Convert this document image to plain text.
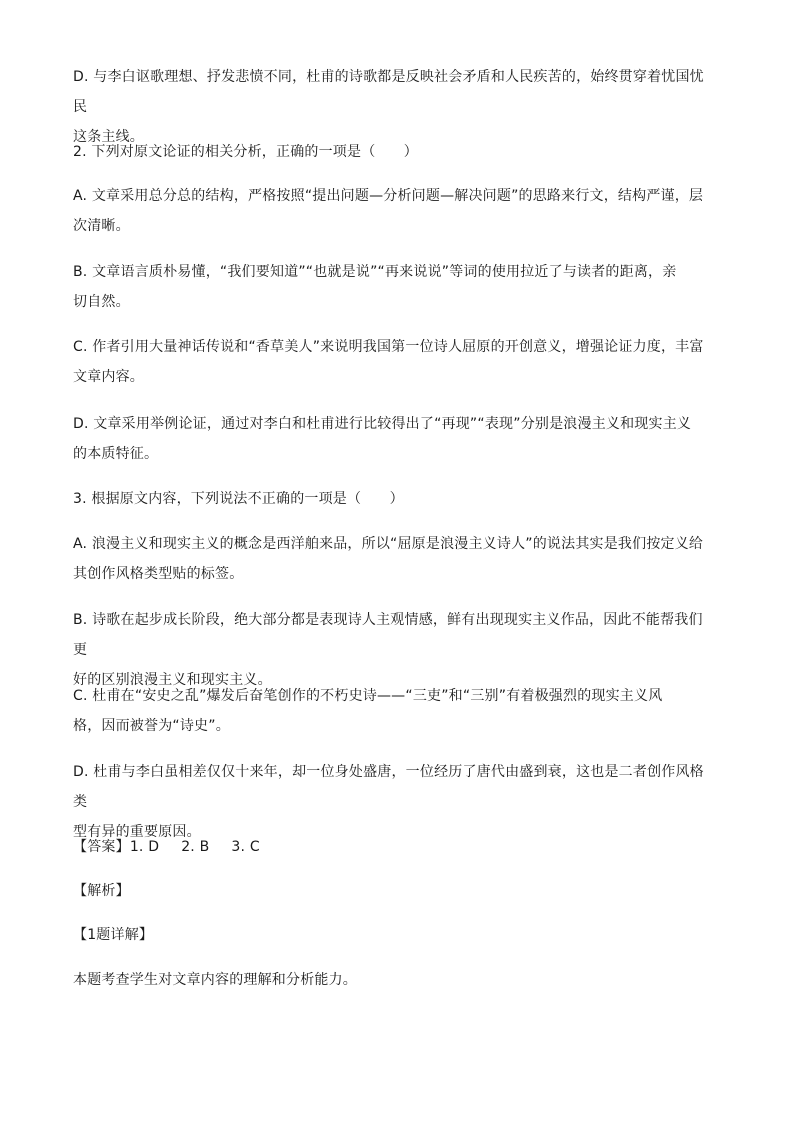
D. 与李白讴歌理想、抒发悲愤不同，杜甫的诗歌都是反映社会矛盾和人民疾苦的，始终贯穿着忧国忧民
这条主线。

2. 下列对原文论证的相关分析，正确的一项是（　　）

A. 文章采用总分总的结构，严格按照“提出问题—分析问题—解决问题”的思路来行文，结构严谨，层
次清晰。

B. 文章语言质朴易懂，“我们要知道”“也就是说”“再来说说”等词的使用拉近了与读者的距离，亲
切自然。

C. 作者引用大量神话传说和“香草美人”来说明我国第一位诗人屈原的开创意义，增强论证力度，丰富
文章内容。

D. 文章采用举例论证，通过对李白和杜甫进行比较得出了“再现”“表现”分别是浪漫主义和现实主义
的本质特征。

3. 根据原文内容，下列说法不正确的一项是（　　）

A. 浪漫主义和现实主义的概念是西洋舶来品，所以“屈原是浪漫主义诗人”的说法其实是我们按定义给
其创作风格类型贴的标签。

B. 诗歌在起步成长阶段，绝大部分都是表现诗人主观情感，鲜有出现现实主义作品，因此不能帮我们更
好的区别浪漫主义和现实主义。

C. 杜甫在“安史之乱”爆发后奋笔创作的不朽史诗——“三吏”和“三别”有着极强烈的现实主义风
格，因而被誉为“诗史”。

D. 杜甫与李白虽相差仅仅十来年，却一位身处盛唐，一位经历了唐代由盛到衰，这也是二者创作风格类
型有异的重要原因。

【答案】1. D 2. B 3. C

【解析】

【1题详解】

本题考查学生对文章内容的理解和分析能力。
